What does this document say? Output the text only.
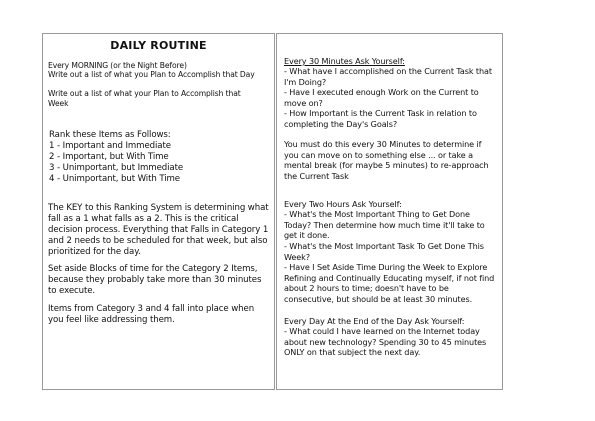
DAILY ROUTINE
Every MORNING (or the Night Before)
Write out a list of what you Plan to Accomplish that Day
Write out a list of what your Plan to Accomplish that Week
Rank these Items as Follows:
1 - Important and Immediate
2 - Important, but With Time
3 - Unimportant, but Immediate
4 - Unimportant, but With Time
The KEY to this Ranking System is determining what fall as a 1 what falls as a 2. This is the critical decision process. Everything that Falls in Category 1 and 2 needs to be scheduled for that week, but also prioritized for the day.
Set aside Blocks of time for the Category 2 Items, because they probably take more than 30 minutes to execute.
Items from Category 3 and 4 fall into place when you feel like addressing them.
Every 30 Minutes Ask Yourself:
- What have I accomplished on the Current Task that I'm Doing?
- Have I executed enough Work on the Current to move on?
- How Important is the Current Task in relation to completing the Day's Goals?
You must do this every 30 Minutes to determine if you can move on to something else ... or take a mental break (for maybe 5 minutes) to re-approach the Current Task
Every Two Hours Ask Yourself:
- What's the Most Important Thing to Get Done Today? Then determine how much time it'll take to get it done.
- What's the Most Important Task To Get Done This Week?
- Have I Set Aside Time During the Week to Explore Refining and Continually Educating myself, if not find about 2 hours to time; doesn't have to be consecutive, but should be at least 30 minutes.
Every Day At the End of the Day Ask Yourself:
- What could I have learned on the Internet today about new technology? Spending 30 to 45 minutes ONLY on that subject the next day.
